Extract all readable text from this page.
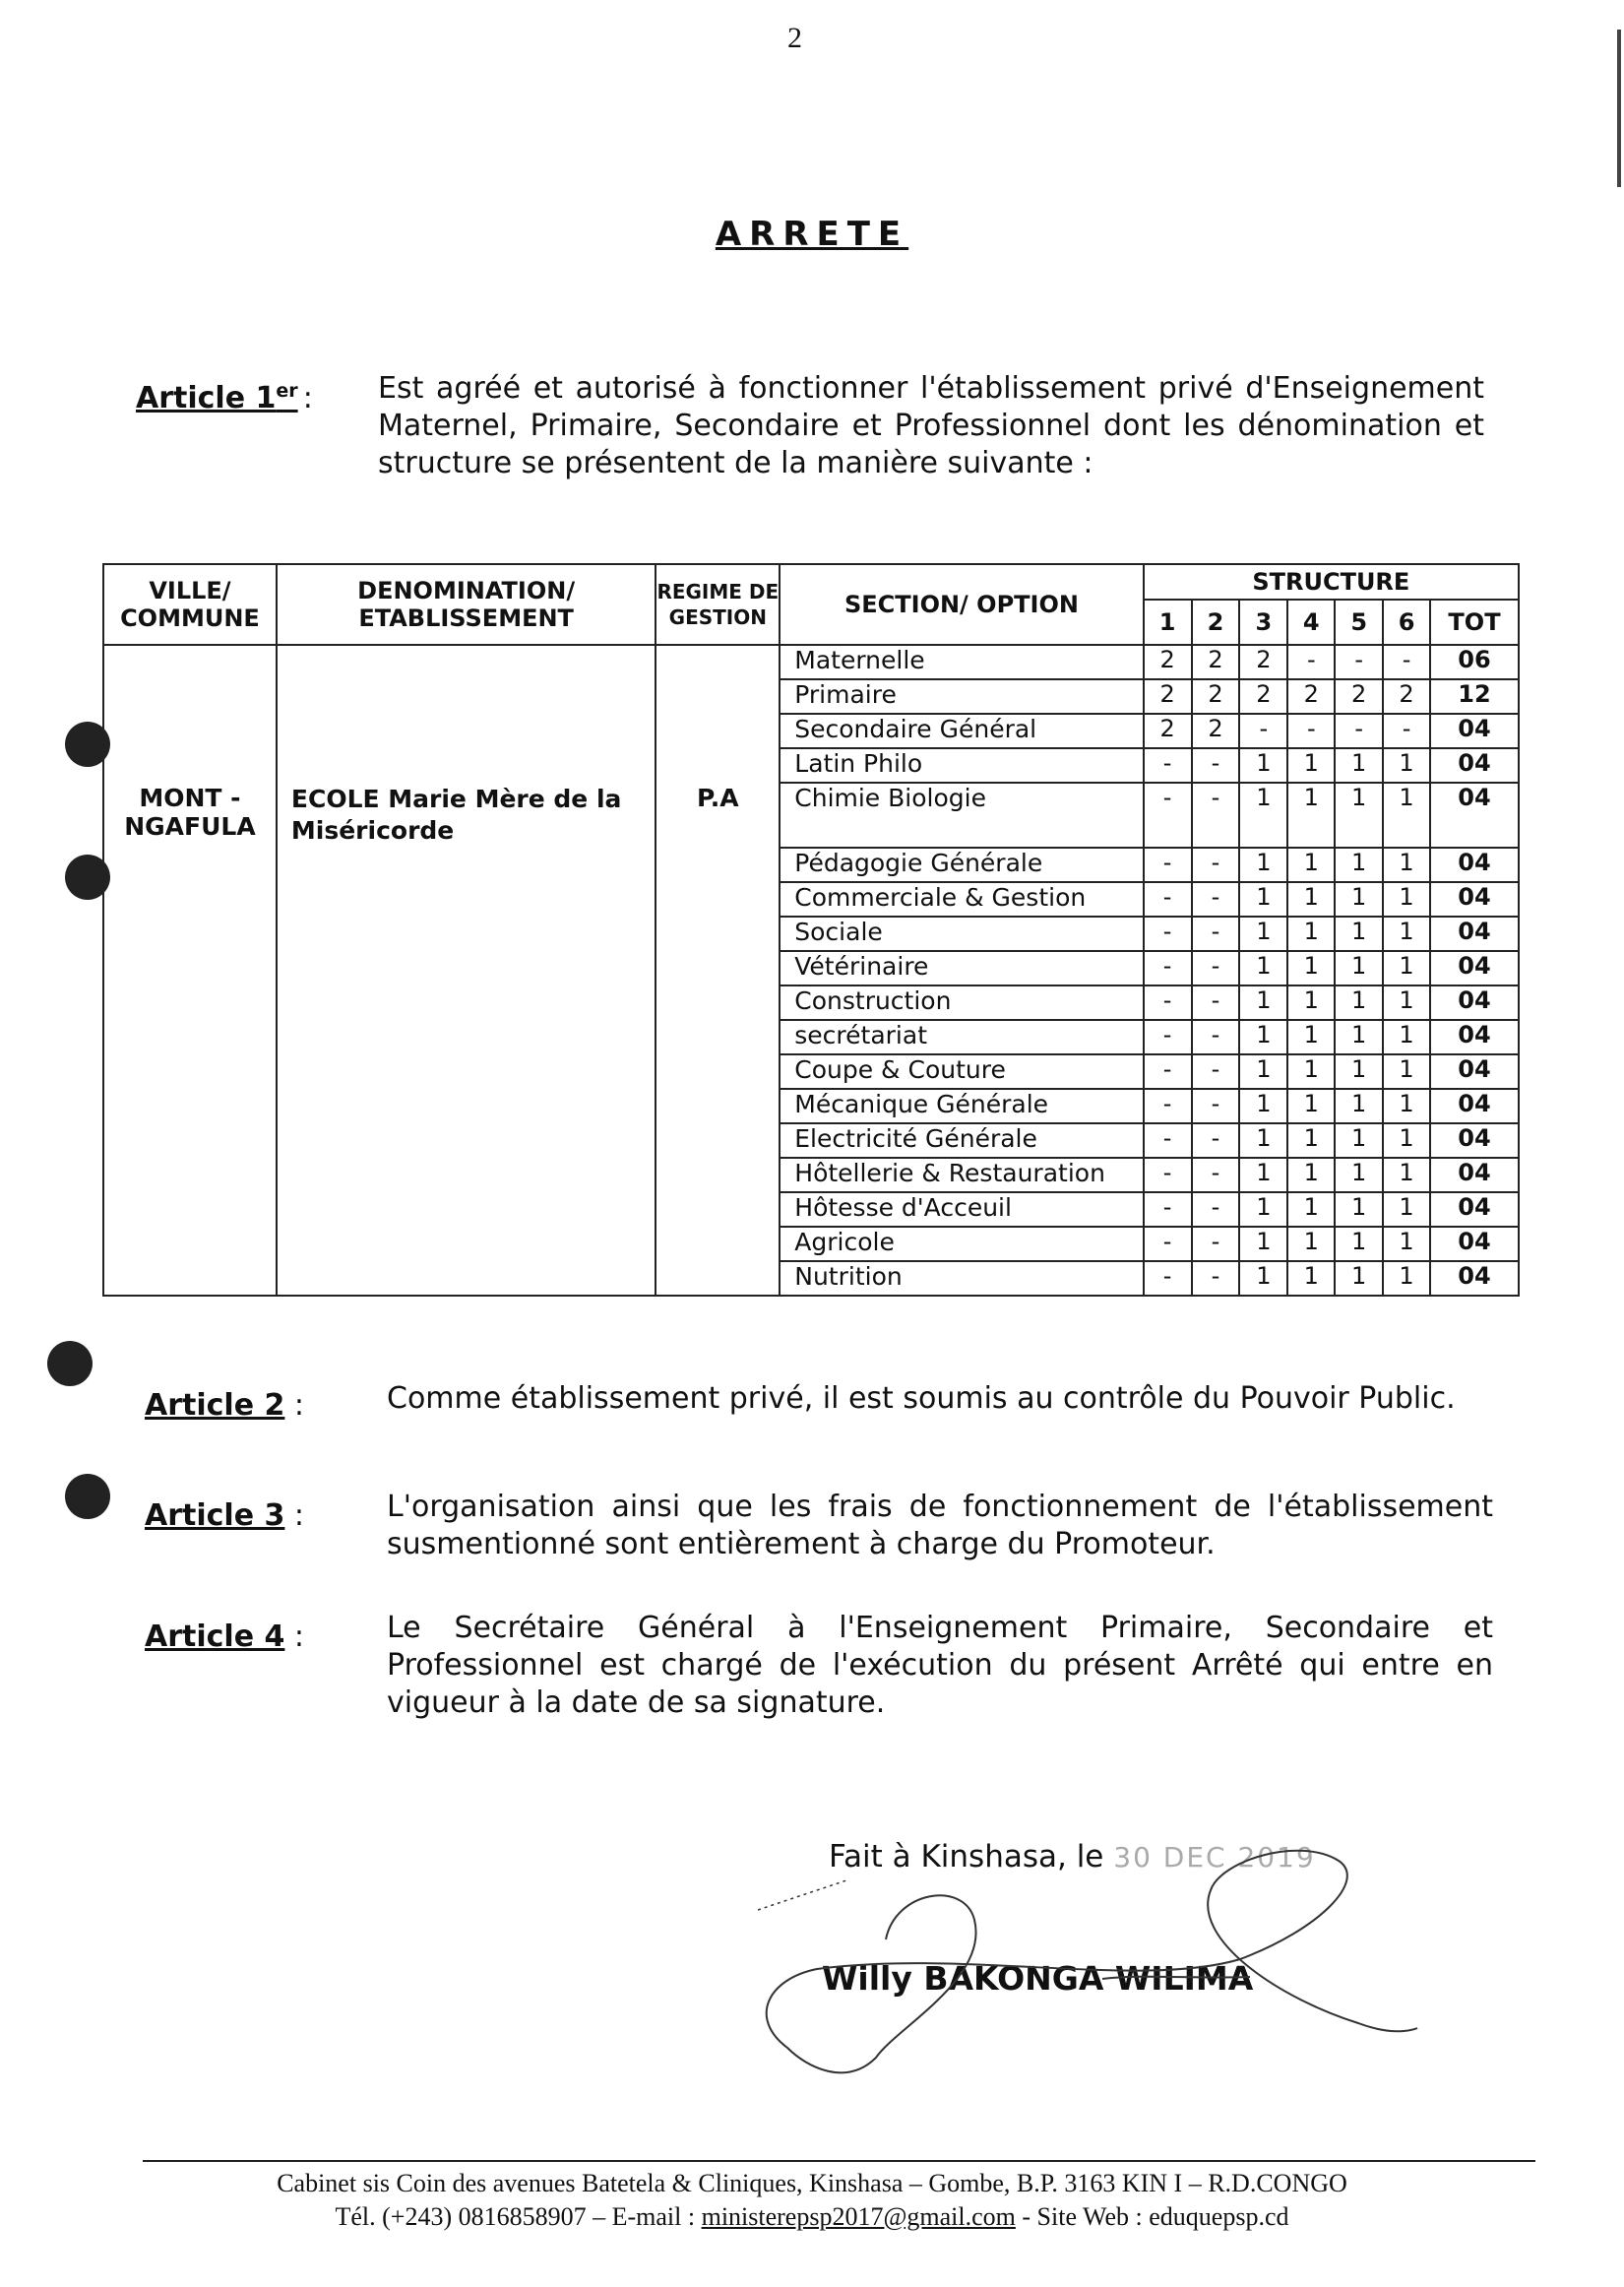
2
ARRETE
Article 1er : Est agréé et autorisé à fonctionner l'établissement privé d'Enseignement Maternel, Primaire, Secondaire et Professionnel dont les dénomination et structure se présentent de la manière suivante :
VILLE/ COMMUNE	DENOMINATION/ ETABLISSEMENT	REGIME DE GESTION	SECTION/ OPTION	STRUCTURE						
				1	2	3	4	5	6	TOT
MONT - NGAFULA	ECOLE Marie Mère de la Miséricorde	P.A	Maternelle	2	2	2	-	-	-	06
			Primaire	2	2	2	2	2	2	12
			Secondaire Général	2	2	-	-	-	-	04
			Latin Philo	-	-	1	1	1	1	04
			Chimie Biologie	-	-	1	1	1	1	04
			Pédagogie Générale	-	-	1	1	1	1	04
			Commerciale & Gestion	-	-	1	1	1	1	04
			Sociale	-	-	1	1	1	1	04
			Vétérinaire	-	-	1	1	1	1	04
			Construction	-	-	1	1	1	1	04
			secrétariat	-	-	1	1	1	1	04
			Coupe & Couture	-	-	1	1	1	1	04
			Mécanique Générale	-	-	1	1	1	1	04
			Electricité Générale	-	-	1	1	1	1	04
			Hôtellerie & Restauration	-	-	1	1	1	1	04
			Hôtesse d'Acceuil	-	-	1	1	1	1	04
			Agricole	-	-	1	1	1	1	04
			Nutrition	-	-	1	1	1	1	04
Article 2 :	Comme établissement privé, il est soumis au contrôle du Pouvoir Public.
Article 3 :	L'organisation ainsi que les frais de fonctionnement de l'établissement susmentionné sont entièrement à charge du Promoteur.
Article 4 :	Le Secrétaire Général à l'Enseignement Primaire, Secondaire et Professionnel est chargé de l'exécution du présent Arrêté qui entre en vigueur à la date de sa signature.
Fait à Kinshasa, le 30 DEC 2019
Willy BAKONGA WILIMA
Cabinet sis Coin des avenues Batetela & Cliniques, Kinshasa – Gombe, B.P. 3163 KIN I – R.D.CONGO
Tél. (+243) 0816858907 – E-mail : ministerepsp2017@gmail.com - Site Web : eduquepsp.cd
